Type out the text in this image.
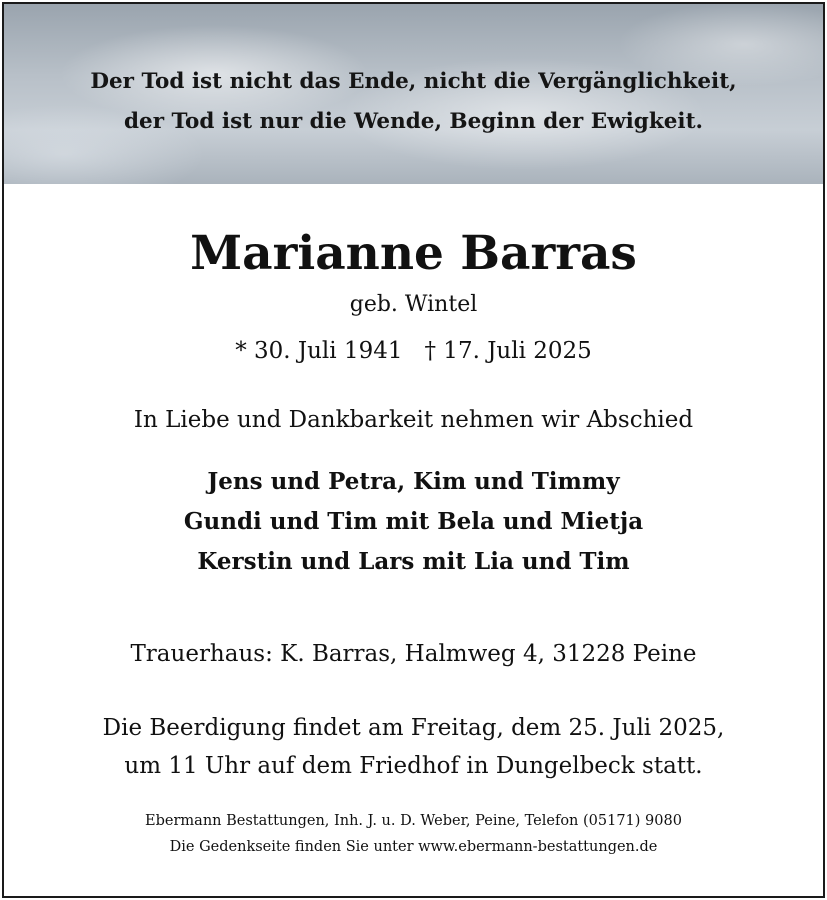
Der Tod ist nicht das Ende, nicht die Vergänglichkeit,
der Tod ist nur die Wende, Beginn der Ewigkeit.
Marianne Barras
geb. Wintel
* 30. Juli 1941 † 17. Juli 2025
In Liebe und Dankbarkeit nehmen wir Abschied
Jens und Petra, Kim und Timmy
Gundi und Tim mit Bela und Mietja
Kerstin und Lars mit Lia und Tim
Trauerhaus: K. Barras, Halmweg 4, 31228 Peine
Die Beerdigung findet am Freitag, dem 25. Juli 2025,
um 11 Uhr auf dem Friedhof in Dungelbeck statt.
Ebermann Bestattungen, Inh. J. u. D. Weber, Peine, Telefon (05171) 9080
Die Gedenkseite finden Sie unter www.ebermann-bestattungen.de
